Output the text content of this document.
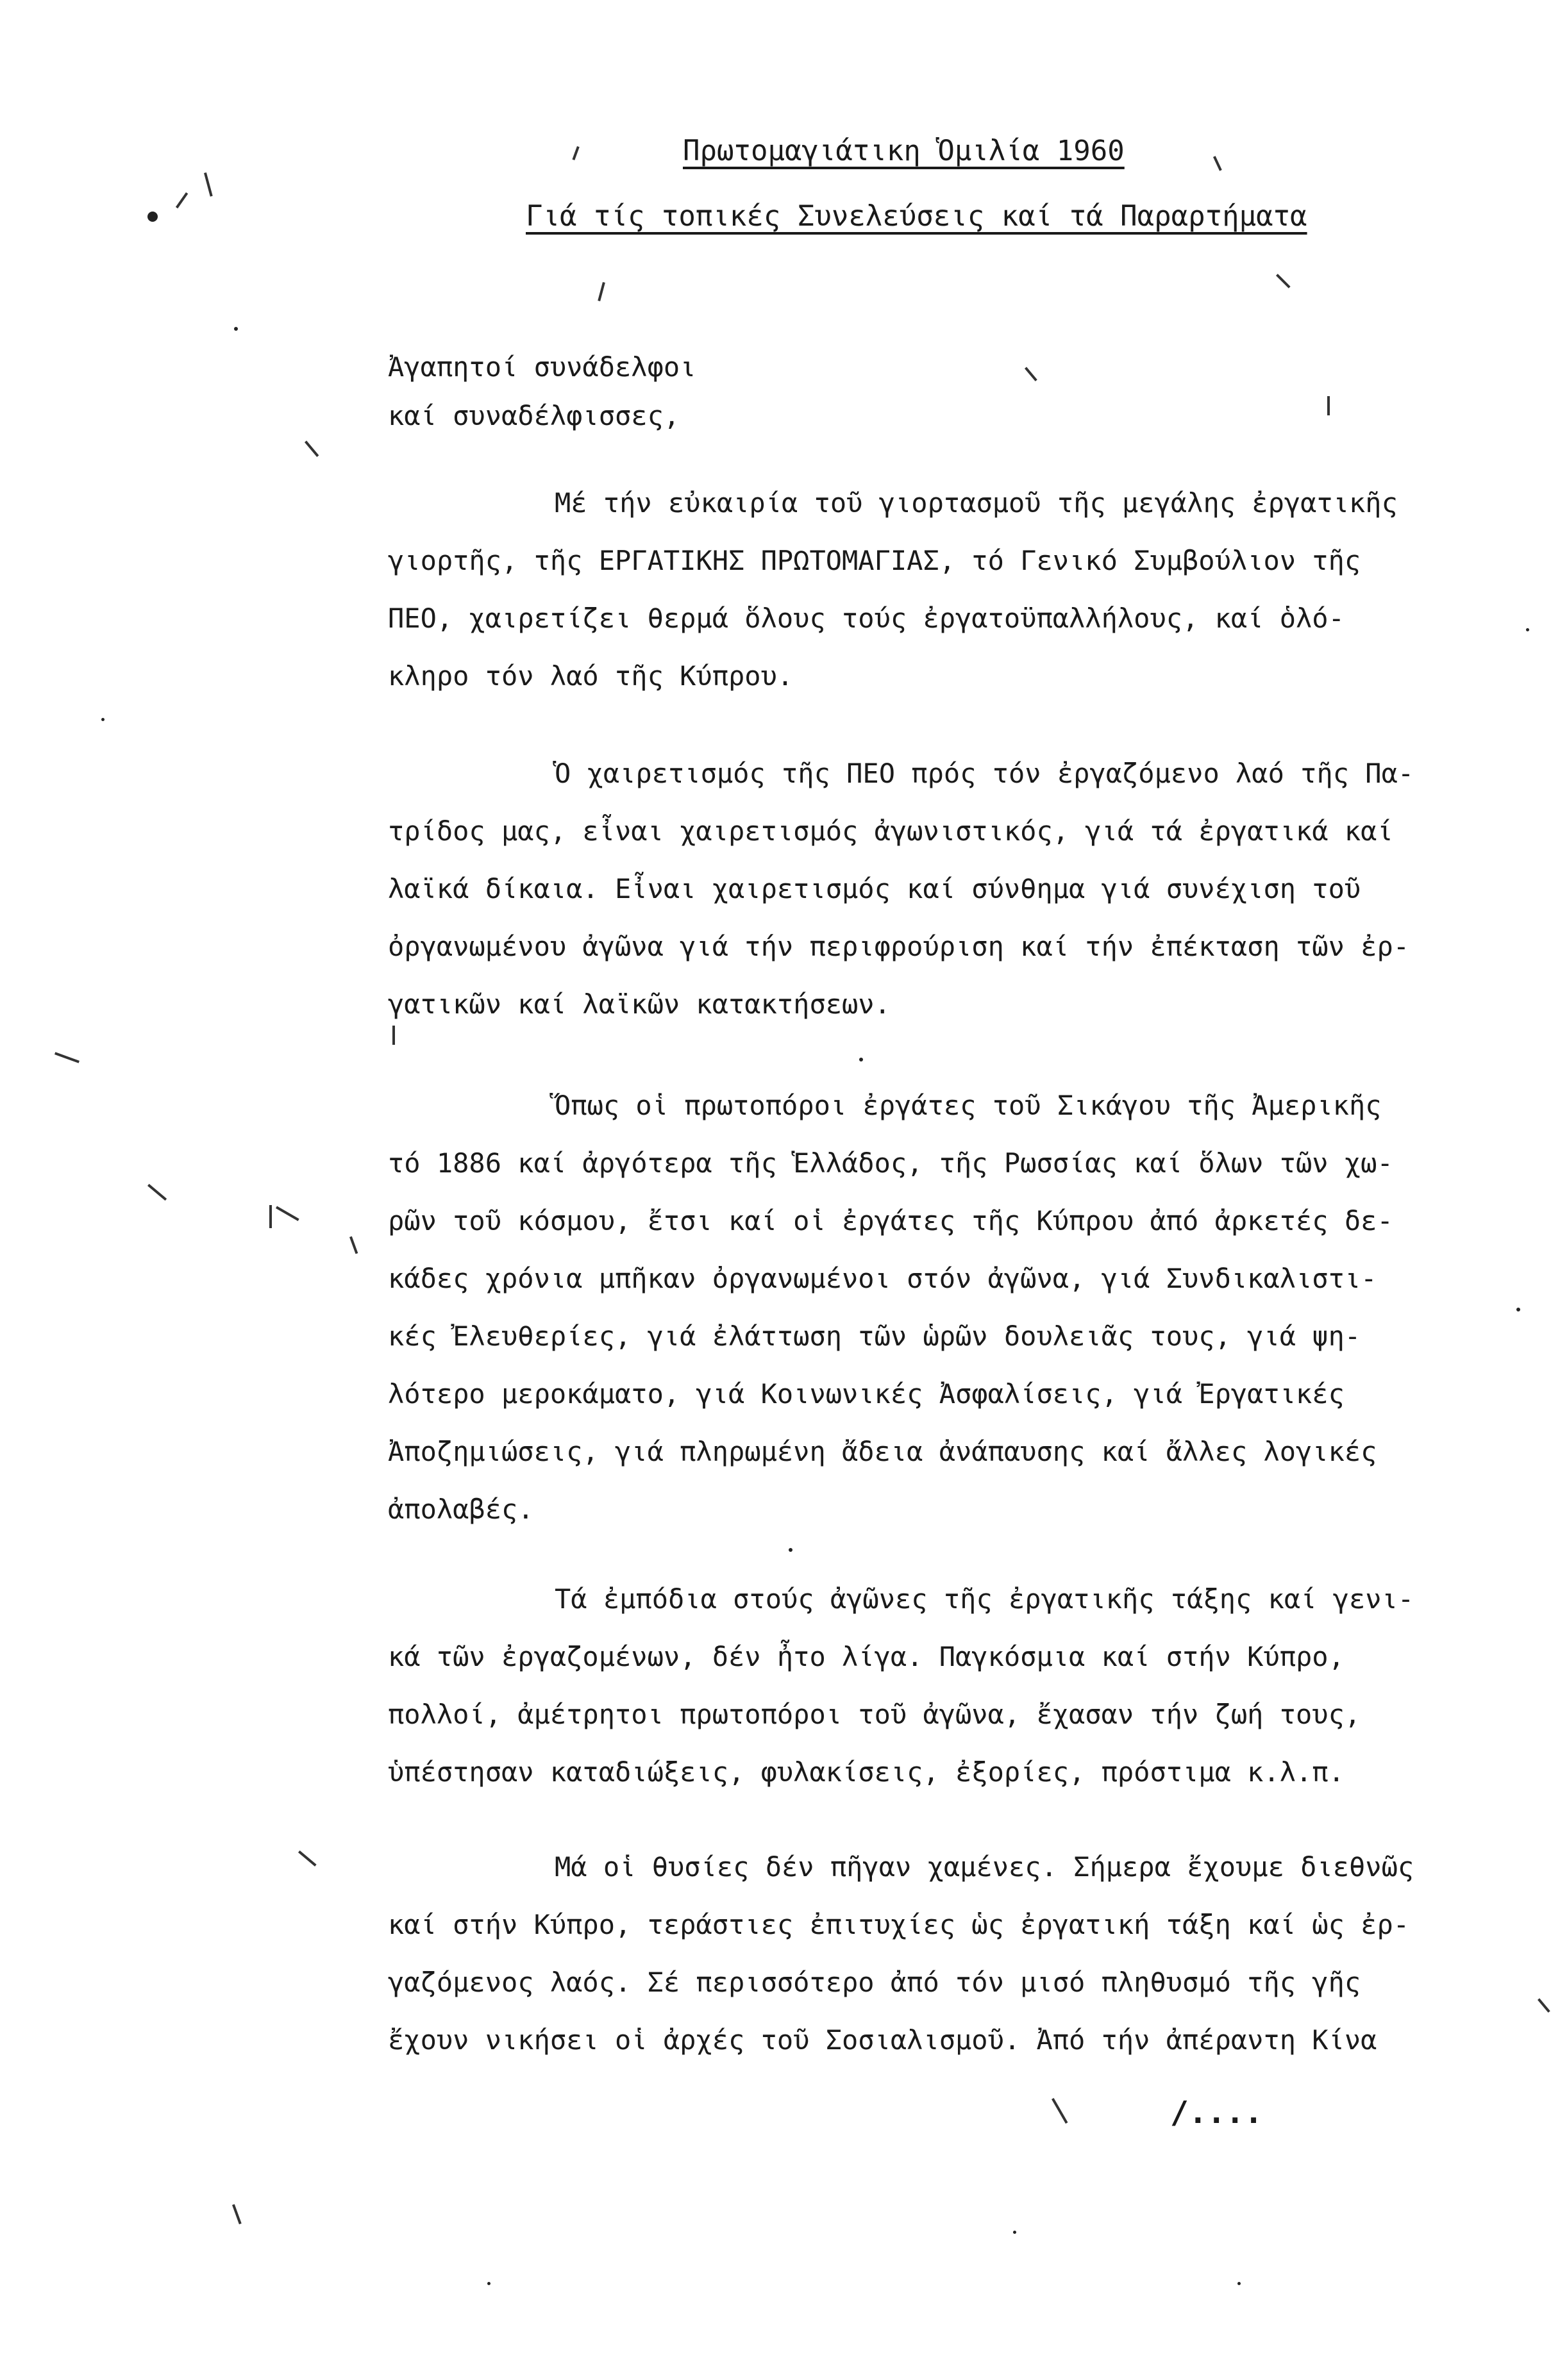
Πρωτομαγιάτικη Ὁμιλία 1960
Γιά τίς τοπικές Συνελεύσεις καί τά Παραρτήματα
Ἀγαπητοί συνάδελφοι
καί συναδέλφισσες,
Μέ τήν εὐκαιρία τοῦ γιορτασμοῦ τῆς μεγάλης ἐργατικῆς
γιορτῆς, τῆς ΕΡΓΑΤΙΚΗΣ ΠΡΩΤΟΜΑΓΙΑΣ, τό Γενικό Συμβούλιον τῆς
ΠΕΟ, χαιρετίζει θερμά ὅλους τούς ἐργατοϋπαλλήλους, καί ὁλό-
κληρο τόν λαό τῆς Κύπρου.
Ὁ χαιρετισμός τῆς ΠΕΟ πρός τόν ἐργαζόμενο λαό τῆς Πα-
τρίδος μας, εἶναι χαιρετισμός ἀγωνιστικός, γιά τά ἐργατικά καί
λαϊκά δίκαια. Εἶναι χαιρετισμός καί σύνθημα γιά συνέχιση τοῦ
ὀργανωμένου ἀγῶνα γιά τήν περιφρούριση καί τήν ἐπέκταση τῶν ἐρ-
γατικῶν καί λαϊκῶν κατακτήσεων.
Ὅπως οἱ πρωτοπόροι ἐργάτες τοῦ Σικάγου τῆς Ἀμερικῆς
τό 1886 καί ἀργότερα τῆς Ἑλλάδος, τῆς Ρωσσίας καί ὅλων τῶν χω-
ρῶν τοῦ κόσμου, ἔτσι καί οἱ ἐργάτες τῆς Κύπρου ἀπό ἀρκετές δε-
κάδες χρόνια μπῆκαν ὀργανωμένοι στόν ἀγῶνα, γιά Συνδικαλιστι-
κές Ἐλευθερίες, γιά ἐλάττωση τῶν ὡρῶν δουλειᾶς τους, γιά ψη-
λότερο μεροκάματο, γιά Κοινωνικές Ἀσφαλίσεις, γιά Ἐργατικές
Ἀποζημιώσεις, γιά πληρωμένη ἄδεια ἀνάπαυσης καί ἄλλες λογικές
ἀπολαβές.
Τά ἐμπόδια στούς ἀγῶνες τῆς ἐργατικῆς τάξης καί γενι-
κά τῶν ἐργαζομένων, δέν ἦτο λίγα. Παγκόσμια καί στήν Κύπρο,
πολλοί, ἀμέτρητοι πρωτοπόροι τοῦ ἀγῶνα, ἔχασαν τήν ζωή τους,
ὑπέστησαν καταδιώξεις, φυλακίσεις, ἐξορίες, πρόστιμα κ.λ.π.
Μά οἱ θυσίες δέν πῆγαν χαμένες. Σήμερα ἔχουμε διεθνῶς
καί στήν Κύπρο, τεράστιες ἐπιτυχίες ὡς ἐργατική τάξη καί ὡς ἐρ-
γαζόμενος λαός. Σέ περισσότερο ἀπό τόν μισό πληθυσμό τῆς γῆς
ἔχουν νικήσει οἱ ἀρχές τοῦ Σοσιαλισμοῦ. Ἀπό τήν ἀπέραντη Κίνα
/....
